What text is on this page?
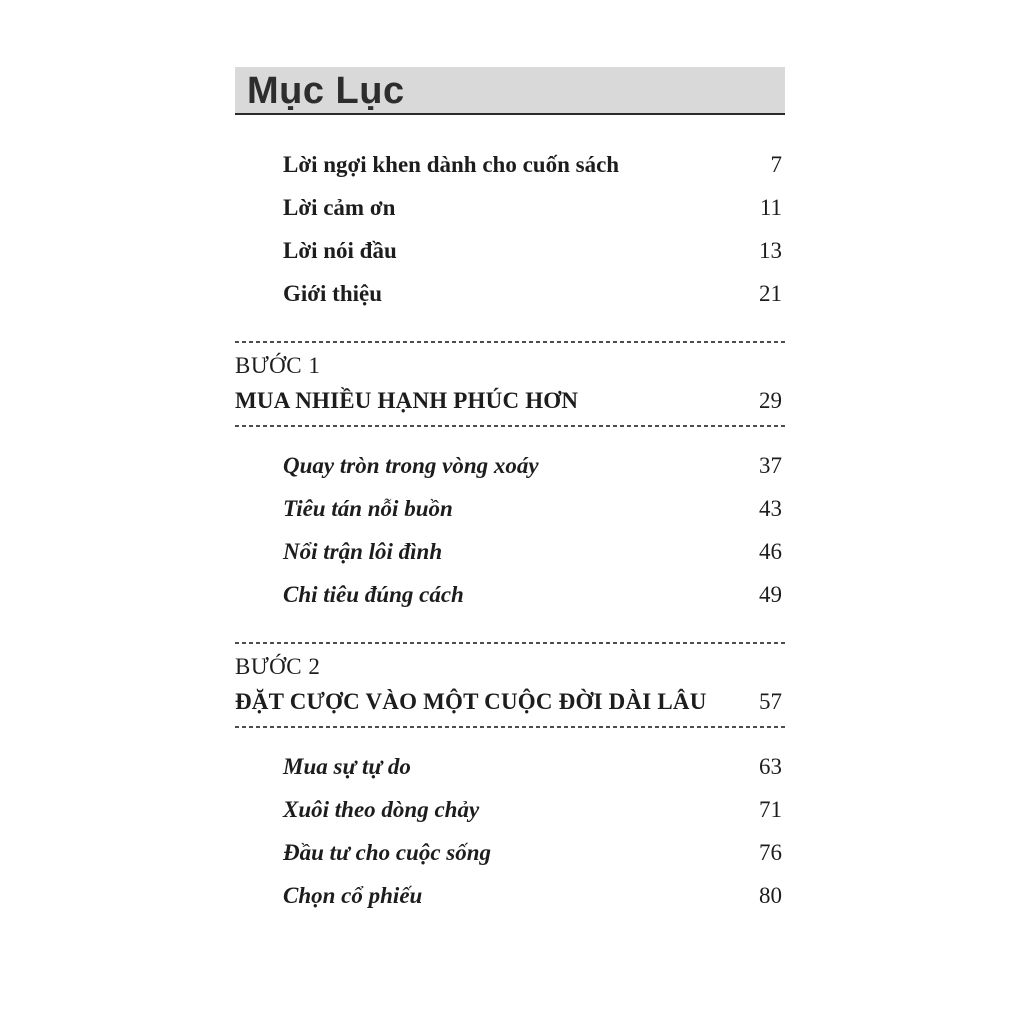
Mục Lục
Lời ngợi khen dành cho cuốn sách	7
Lời cảm ơn	11
Lời nói đầu	13
Giới thiệu	21
BƯỚC 1
MUA NHIỀU HẠNH PHÚC HƠN	29
Quay tròn trong vòng xoáy	37
Tiêu tán nỗi buồn	43
Nổi trận lôi đình	46
Chi tiêu đúng cách	49
BƯỚC 2
ĐẶT CƯỢC VÀO MỘT CUỘC ĐỜI DÀI LÂU 57
Mua sự tự do	63
Xuôi theo dòng chảy	71
Đầu tư cho cuộc sống	76
Chọn cổ phiếu	80
